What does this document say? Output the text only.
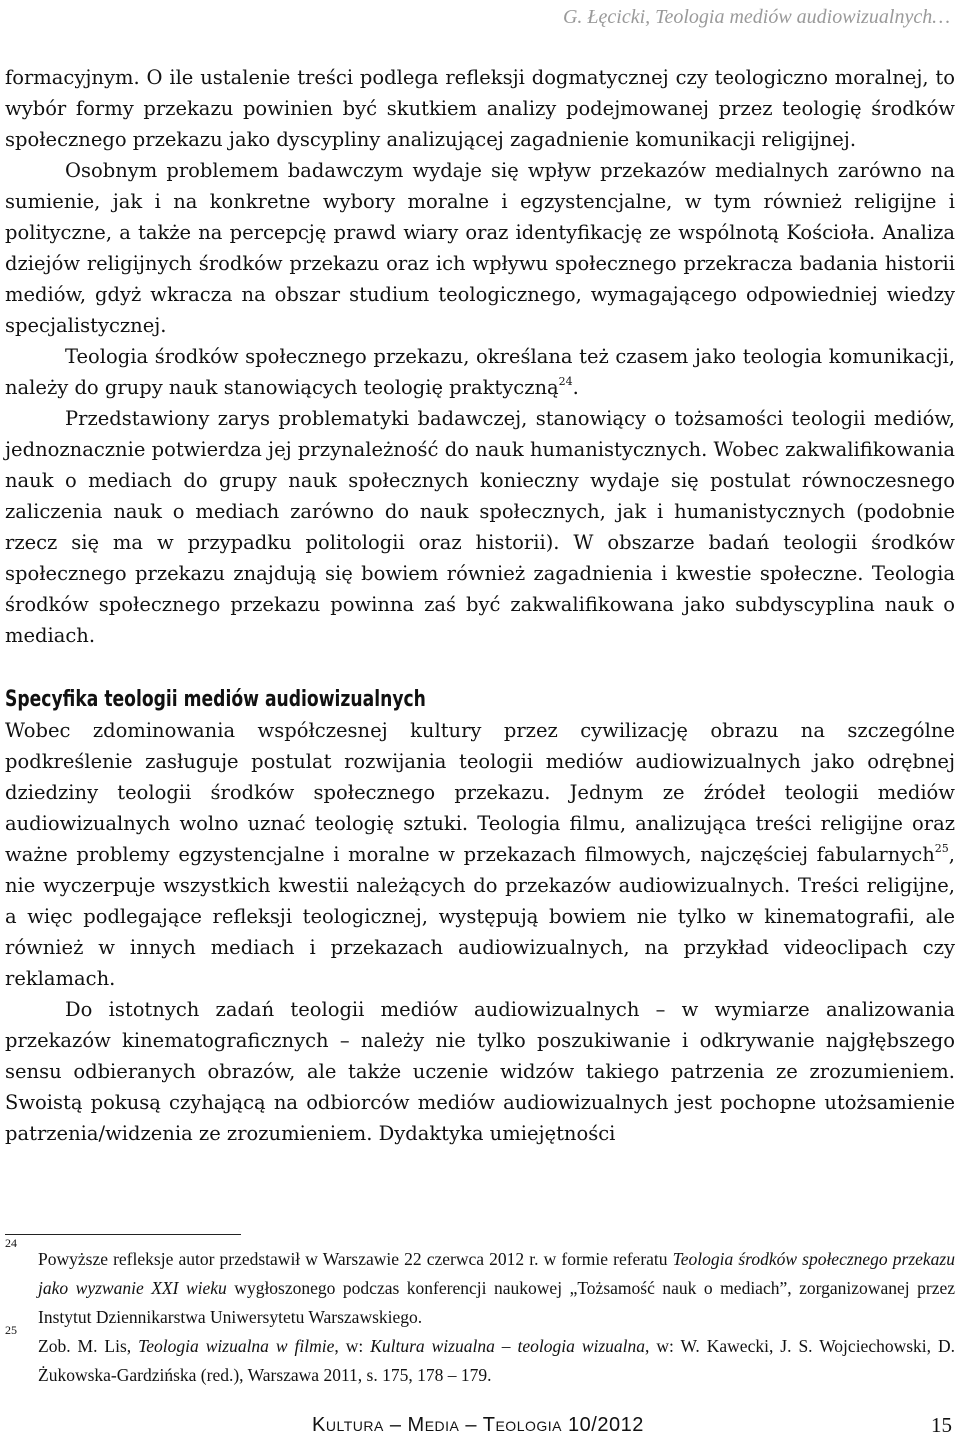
G. Łęcicki, Teologia mediów audiowizualnych…

formacyjnym. O ile ustalenie treści podlega refleksji dogmatycznej czy teologiczno moralnej, to wybór formy przekazu powinien być skutkiem analizy podejmowanej przez teologię środków społecznego przekazu jako dyscypliny analizującej zagadnienie komunikacji religijnej.

Osobnym problemem badawczym wydaje się wpływ przekazów medialnych zarówno na sumienie, jak i na konkretne wybory moralne i egzystencjalne, w tym również religijne i polityczne, a także na percepcję prawd wiary oraz identyfikację ze wspólnotą Kościoła. Analiza dziejów religijnych środków przekazu oraz ich wpływu społecznego przekracza badania historii mediów, gdyż wkracza na obszar studium teologicznego, wymagającego odpowiedniej wiedzy specjalistycznej.

Teologia środków społecznego przekazu, określana też czasem jako teologia komunikacji, należy do grupy nauk stanowiących teologię praktyczną$^{24}$.

Przedstawiony zarys problematyki badawczej, stanowiący o tożsamości teologii mediów, jednoznacznie potwierdza jej przynależność do nauk humanistycznych. Wobec zakwalifikowania nauk o mediach do grupy nauk społecznych konieczny wydaje się postulat równoczesnego zaliczenia nauk o mediach zarówno do nauk społecznych, jak i humanistycznych (podobnie rzecz się ma w przypadku politologii oraz historii). W obszarze badań teologii środków społecznego przekazu znajdują się bowiem również zagadnienia i kwestie społeczne. Teologia środków społecznego przekazu powinna zaś być zakwalifikowana jako subdyscyplina nauk o mediach.

Specyfika teologii mediów audiowizualnych

Wobec zdominowania współczesnej kultury przez cywilizację obrazu na szczególne podkreślenie zasługuje postulat rozwijania teologii mediów audiowizualnych jako odrębnej dziedziny teologii środków społecznego przekazu. Jednym ze źródeł teologii mediów audiowizualnych wolno uznać teologię sztuki. Teologia filmu, analizująca treści religijne oraz ważne problemy egzystencjalne i moralne w przekazach filmowych, najczęściej fabularnych$^{25}$, nie wyczerpuje wszystkich kwestii należących do przekazów audiowizualnych. Treści religijne, a więc podlegające refleksji teologicznej, występują bowiem nie tylko w kinematografii, ale również w innych mediach i przekazach audiowizualnych, na przykład videoclipach czy reklamach.

Do istotnych zadań teologii mediów audiowizualnych – w wymiarze analizowania przekazów kinematograficznych – należy nie tylko poszukiwanie i odkrywanie najgłębszego sensu odbieranych obrazów, ale także uczenie widzów takiego patrzenia ze zrozumieniem. Swoistą pokusą czyhającą na odbiorców mediów audiowizualnych jest pochopne utożsamienie patrzenia/widzenia ze zrozumieniem. Dydaktyka umiejętności

24
Powyższe refleksje autor przedstawił w Warszawie 22 czerwca 2012 r. w formie referatu Teologia środków społecznego przekazu jako wyzwanie XXI wieku wygłoszonego podczas konferencji naukowej „Tożsamość nauk o mediach”, zorganizowanej przez Instytut Dziennikarstwa Uniwersytetu Warszawskiego.
25
Zob. M. Lis, Teologia wizualna w filmie, w: Kultura wizualna – teologia wizualna, w: W. Kawecki, J. S. Wojciechowski, D. Żukowska-Gardzińska (red.), Warszawa 2011, s. 175, 178 – 179.
Kultura – Media – Teologia 10/2012	15
